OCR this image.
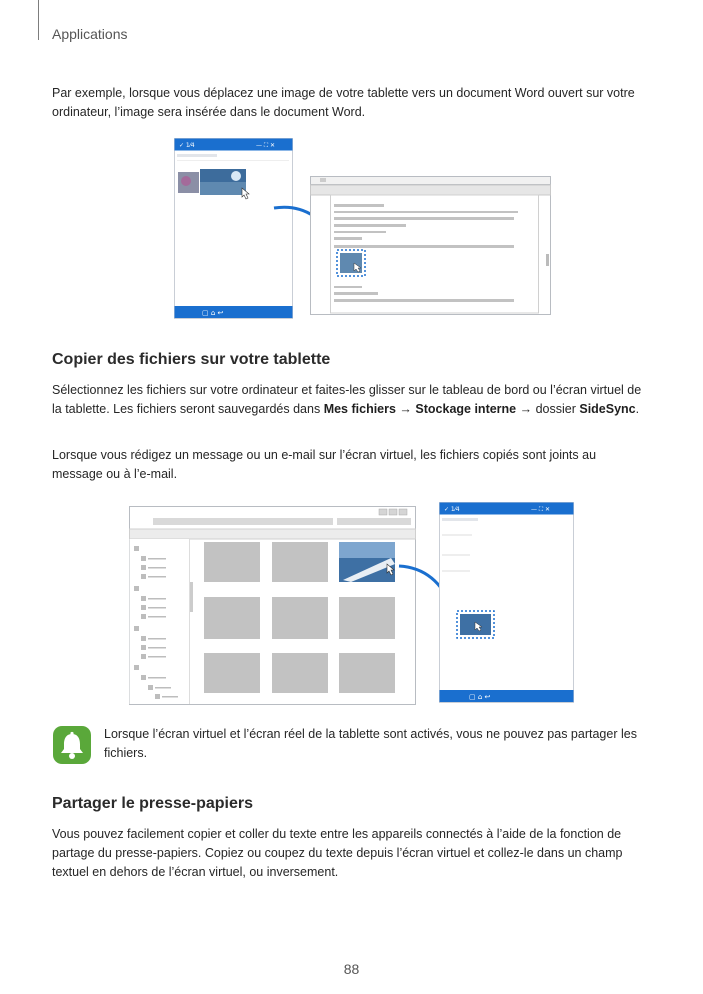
Applications

Par exemple, lorsque vous déplacez une image de votre tablette vers un document Word ouvert sur votre ordinateur, l’image sera insérée dans le document Word.

✓ 1⁄4	— ⛶ ✕
▢ ⌂ ↩
Copier des fichiers sur votre tablette

Sélectionnez les fichiers sur votre ordinateur et faites-les glisser sur le tableau de bord ou l’écran virtuel de la tablette. Les fichiers seront sauvegardés dans Mes fichiers → Stockage interne → dossier SideSync.

Lorsque vous rédigez un message ou un e-mail sur l’écran virtuel, les fichiers copiés sont joints au message ou à l’e-mail.

✓ 1⁄4	— ⛶ ✕
▢ ⌂ ↩

Lorsque l’écran virtuel et l’écran réel de la tablette sont activés, vous ne pouvez pas partager les fichiers.

Partager le presse-papiers

Vous pouvez facilement copier et coller du texte entre les appareils connectés à l’aide de la fonction de partage du presse-papiers. Copiez ou coupez du texte depuis l’écran virtuel et collez-le dans un champ textuel en dehors de l’écran virtuel, ou inversement.

88
